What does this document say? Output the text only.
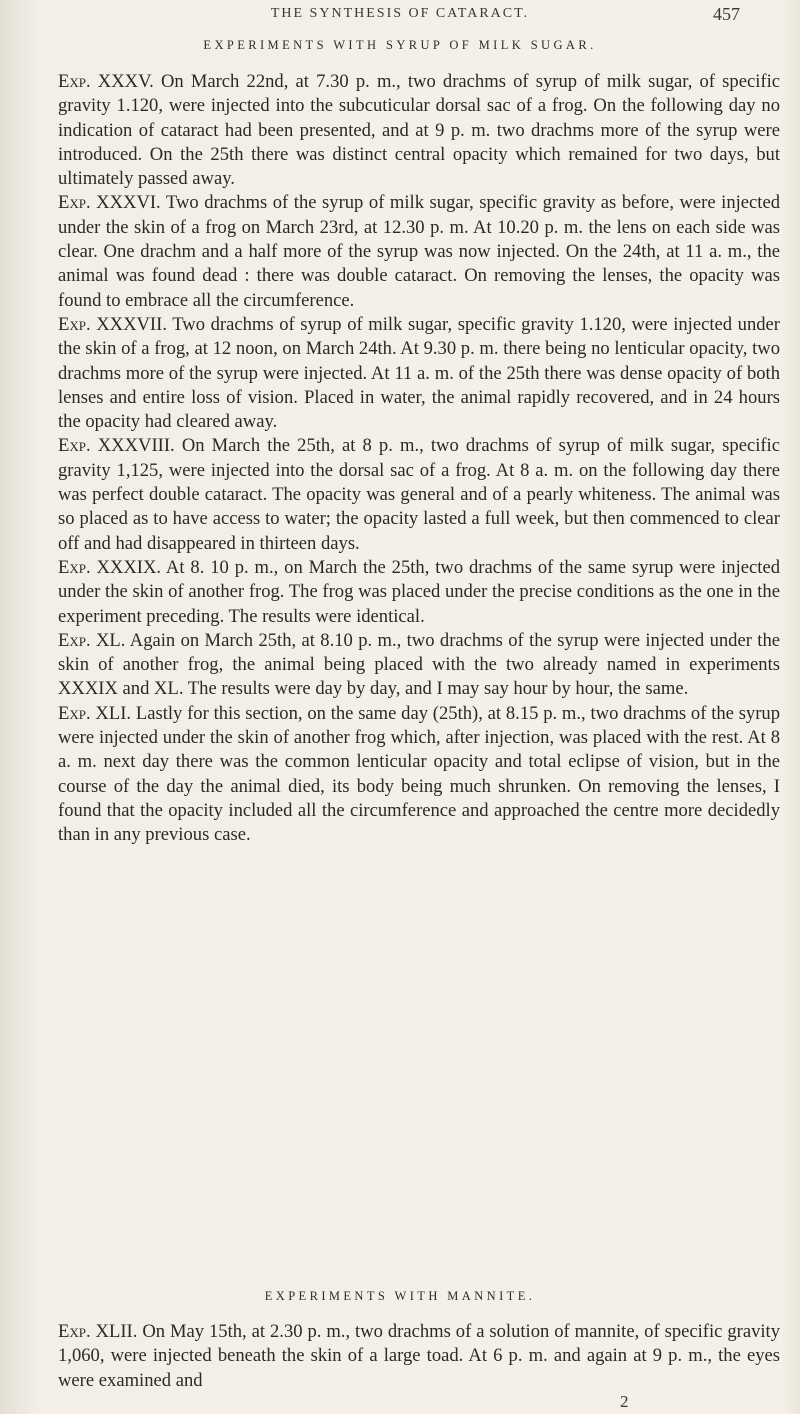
THE SYNTHESIS OF CATARACT.	457
EXPERIMENTS WITH SYRUP OF MILK SUGAR.

Exp. XXXV. On March 22nd, at 7.30 p. m., two drachms of syrup of milk sugar, of specific gravity 1.120, were injected into the subcuticular dorsal sac of a frog. On the following day no indication of cataract had been presented, and at 9 p. m. two drachms more of the syrup were introduced. On the 25th there was distinct central opacity which remained for two days, but ultimately passed away.

Exp. XXXVI. Two drachms of the syrup of milk sugar, specific gravity as before, were injected under the skin of a frog on March 23rd, at 12.30 p. m. At 10.20 p. m. the lens on each side was clear. One drachm and a half more of the syrup was now injected. On the 24th, at 11 a. m., the animal was found dead : there was double cataract. On removing the lenses, the opacity was found to embrace all the circumference.

Exp. XXXVII. Two drachms of syrup of milk sugar, specific gravity 1.120, were injected under the skin of a frog, at 12 noon, on March 24th. At 9.30 p. m. there being no lenticular opacity, two drachms more of the syrup were injected. At 11 a. m. of the 25th there was dense opacity of both lenses and entire loss of vision. Placed in water, the animal rapidly recovered, and in 24 hours the opacity had cleared away.

Exp. XXXVIII. On March the 25th, at 8 p. m., two drachms of syrup of milk sugar, specific gravity 1,125, were injected into the dorsal sac of a frog. At 8 a. m. on the following day there was perfect double cataract. The opacity was general and of a pearly whiteness. The animal was so placed as to have access to water; the opacity lasted a full week, but then commenced to clear off and had disappeared in thirteen days.

Exp. XXXIX. At 8. 10 p. m., on March the 25th, two drachms of the same syrup were injected under the skin of another frog. The frog was placed under the precise conditions as the one in the experiment preceding. The results were identical.

Exp. XL. Again on March 25th, at 8.10 p. m., two drachms of the syrup were injected under the skin of another frog, the animal being placed with the two already named in experiments XXXIX and XL. The results were day by day, and I may say hour by hour, the same.

Exp. XLI. Lastly for this section, on the same day (25th), at 8.15 p. m., two drachms of the syrup were injected under the skin of another frog which, after injection, was placed with the rest. At 8 a. m. next day there was the common lenticular opacity and total eclipse of vision, but in the course of the day the animal died, its body being much shrunken. On removing the lenses, I found that the opacity included all the circumference and approached the centre more decidedly than in any previous case.

EXPERIMENTS WITH MANNITE.

Exp. XLII. On May 15th, at 2.30 p. m., two drachms of a solution of mannite, of specific gravity 1,060, were injected beneath the skin of a large toad. At 6 p. m. and again at 9 p. m., the eyes were examined and

2
